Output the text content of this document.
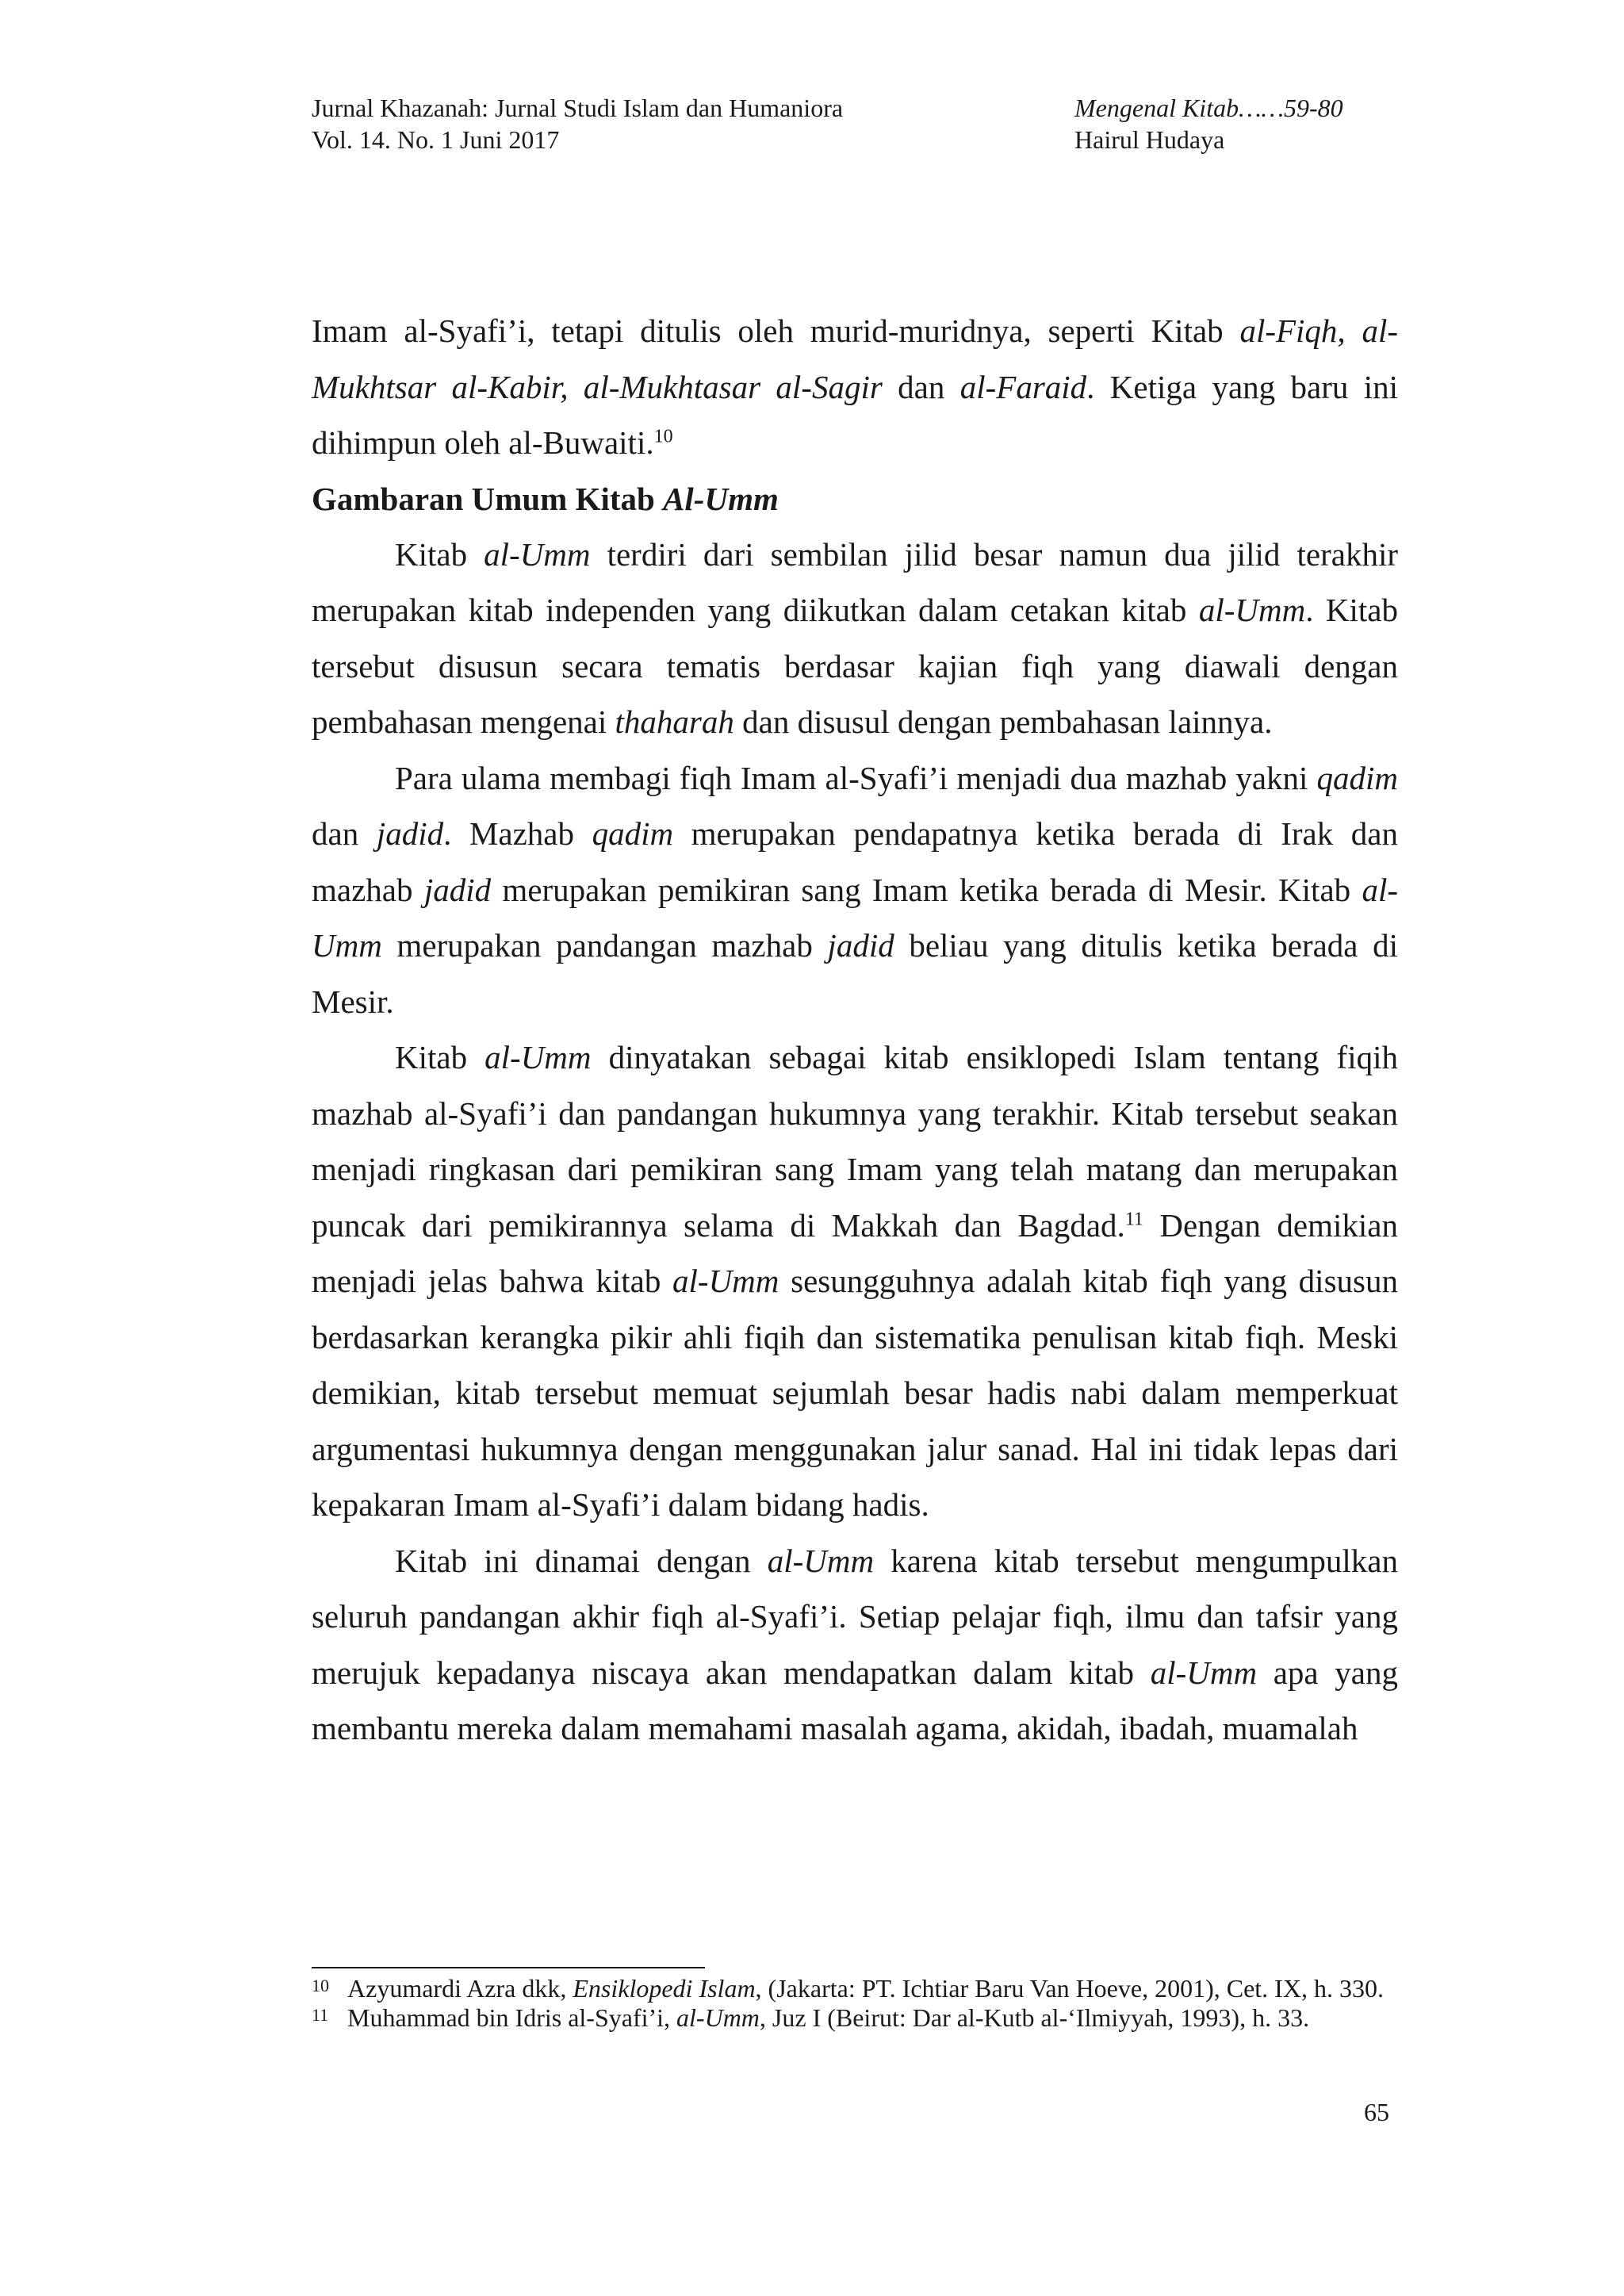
Jurnal Khazanah: Jurnal Studi Islam dan Humaniora
Vol. 14. No. 1 Juni 2017
Mengenal Kitab……59-80
Hairul Hudaya

Imam al-Syafi’i, tetapi ditulis oleh murid-muridnya, seperti Kitab al-Fiqh, al-Mukhtsar al-Kabir, al-Mukhtasar al-Sagir dan al-Faraid. Ketiga yang baru ini dihimpun oleh al-Buwaiti.$^{10}$

Gambaran Umum Kitab Al-Umm

Kitab al-Umm terdiri dari sembilan jilid besar namun dua jilid terakhir merupakan kitab independen yang diikutkan dalam cetakan kitab al-Umm. Kitab tersebut disusun secara tematis berdasar kajian fiqh yang diawali dengan pembahasan mengenai thaharah dan disusul dengan pembahasan lainnya.

Para ulama membagi fiqh Imam al-Syafi’i menjadi dua mazhab yakni qadim dan jadid. Mazhab qadim merupakan pendapatnya ketika berada di Irak dan mazhab jadid merupakan pemikiran sang Imam ketika berada di Mesir. Kitab al-Umm merupakan pandangan mazhab jadid beliau yang ditulis ketika berada di Mesir.

Kitab al-Umm dinyatakan sebagai kitab ensiklopedi Islam tentang fiqih mazhab al-Syafi’i dan pandangan hukumnya yang terakhir. Kitab tersebut seakan menjadi ringkasan dari pemikiran sang Imam yang telah matang dan merupakan puncak dari pemikirannya selama di Makkah dan Bagdad.$^{11}$ Dengan demikian menjadi jelas bahwa kitab al-Umm sesungguhnya adalah kitab fiqh yang disusun berdasarkan kerangka pikir ahli fiqih dan sistematika penulisan kitab fiqh. Meski demikian, kitab tersebut memuat sejumlah besar hadis nabi dalam memperkuat argumentasi hukumnya dengan menggunakan jalur sanad. Hal ini tidak lepas dari kepakaran Imam al-Syafi’i dalam bidang hadis.

Kitab ini dinamai dengan al-Umm karena kitab tersebut mengumpulkan seluruh pandangan akhir fiqh al-Syafi’i. Setiap pelajar fiqh, ilmu dan tafsir yang merujuk kepadanya niscaya akan mendapatkan dalam kitab al-Umm apa yang membantu mereka dalam memahami masalah agama, akidah, ibadah, muamalah

10 Azyumardi Azra dkk, Ensiklopedi Islam, (Jakarta: PT. Ichtiar Baru Van Hoeve, 2001), Cet. IX, h. 330.
11 Muhammad bin Idris al-Syafi’i, al-Umm, Juz I (Beirut: Dar al-Kutb al-‘Ilmiyyah, 1993), h. 33.
65
